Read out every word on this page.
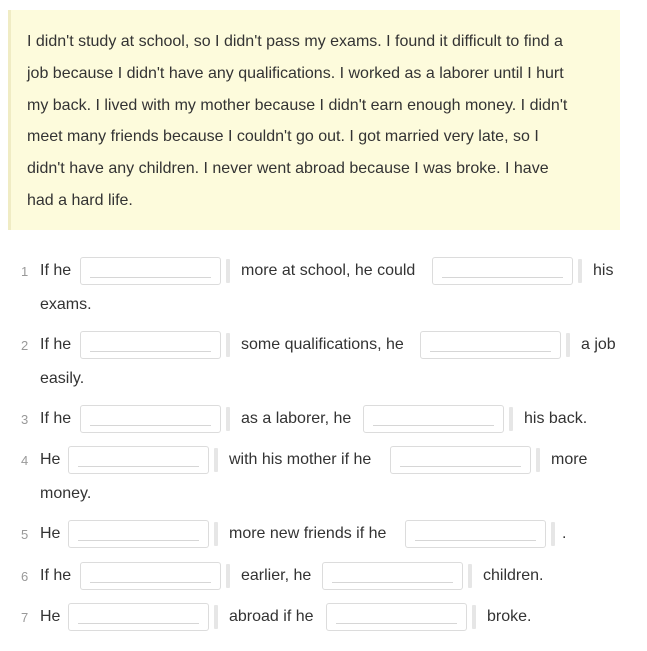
I didn't study at school, so I didn't pass my exams. I found it difficult to find a
job because I didn't have any qualifications. I worked as a laborer until I hurt
my back. I lived with my mother because I didn't earn enough money. I didn't
meet many friends because I couldn't go out. I got married very late, so I
didn't have any children. I never went abroad because I was broke. I have
had a hard life.
1 If he	more at school, he could	his
exams.
2 If he	some qualifications, he	a job
easily.
3 If he	as a laborer, he	his back.
4 He	with his mother if he	more
money.
5 He	more new friends if he	.
6 If he	earlier, he	children.
7 He	abroad if he	broke.
